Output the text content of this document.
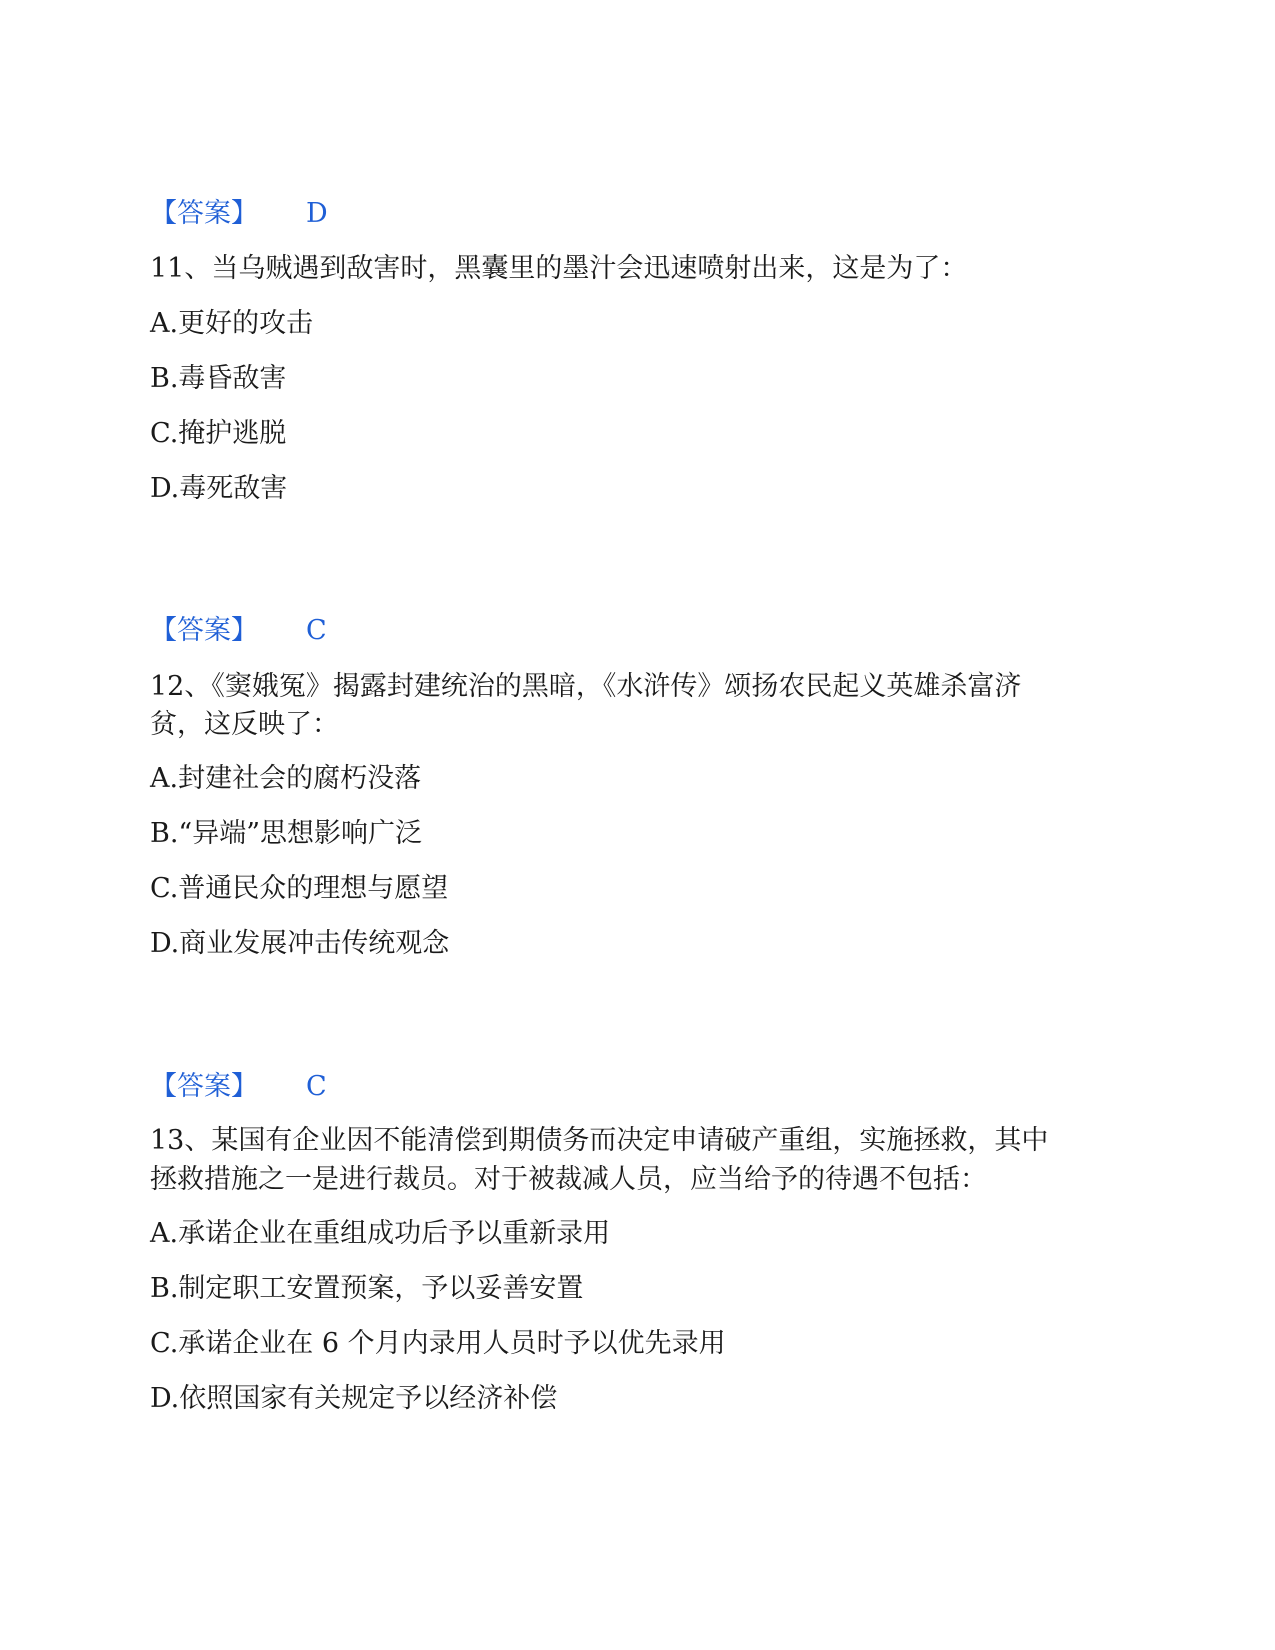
【答案】 D
11、当乌贼遇到敌害时，黑囊里的墨汁会迅速喷射出来，这是为了：
A.更好的攻击
B.毒昏敌害
C.掩护逃脱
D.毒死敌害
【答案】 C
12、《窦娥冤》揭露封建统治的黑暗，《水浒传》颂扬农民起义英雄杀富济
贫，这反映了：
A.封建社会的腐朽没落
B.“异端”思想影响广泛
C.普通民众的理想与愿望
D.商业发展冲击传统观念
【答案】 C
13、某国有企业因不能清偿到期债务而决定申请破产重组，实施拯救，其中
拯救措施之一是进行裁员。对于被裁减人员，应当给予的待遇不包括：
A.承诺企业在重组成功后予以重新录用
B.制定职工安置预案，予以妥善安置
C.承诺企业在 6 个月内录用人员时予以优先录用
D.依照国家有关规定予以经济补偿
